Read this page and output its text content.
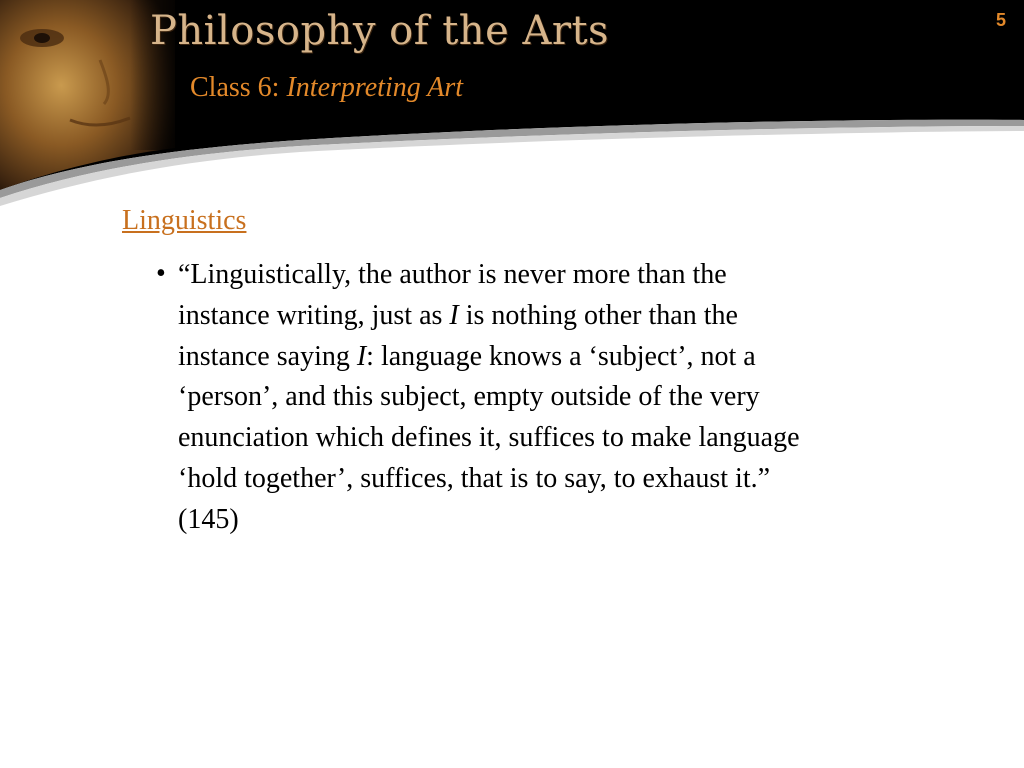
Philosophy of the Arts
Class 6: Interpreting Art
5
Linguistics
• “Linguistically, the author is never more than the
instance writing, just as I is nothing other than the
instance saying I: language knows a ‘subject’, not a
‘person’, and this subject, empty outside of the very
enunciation which defines it, suffices to make language
‘hold together’, suffices, that is to say, to exhaust it.”
(145)
